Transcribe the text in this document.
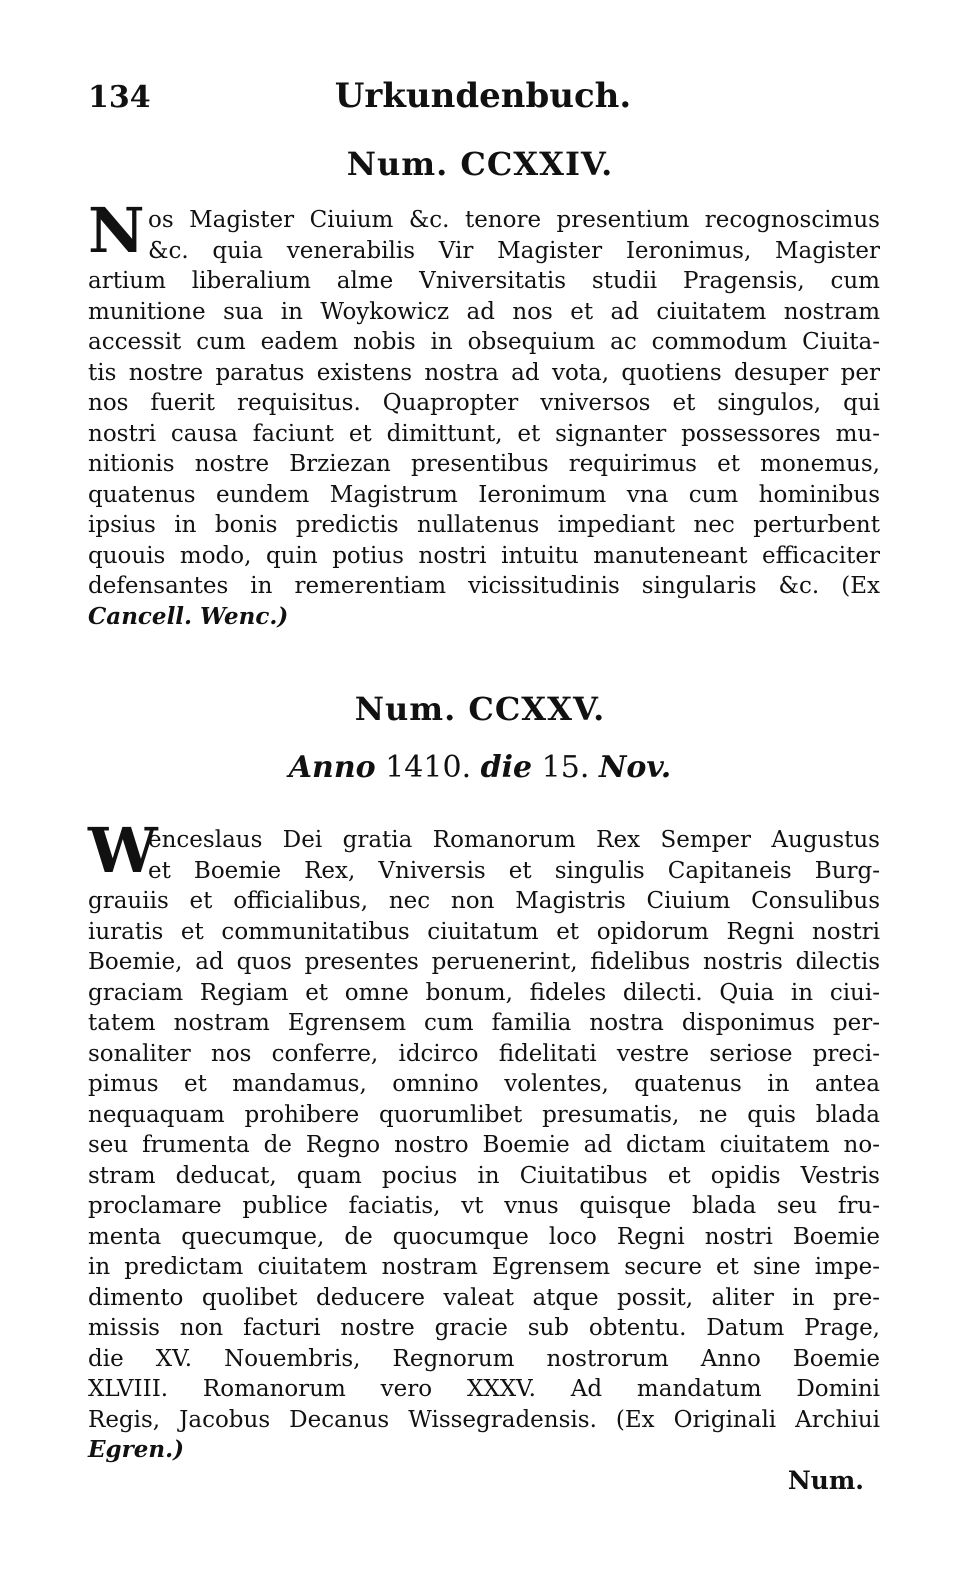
134	Urkundenbuch.
Num. CCXXIV.
N os Magister Ciuium &c. tenore presentium recognoscimus
&c. quia venerabilis Vir Magister Ieronimus, Magister
artium liberalium alme Vniversitatis studii Pragensis, cum
munitione sua in Woykowicz ad nos et ad ciuitatem nostram
accessit cum eadem nobis in obsequium ac commodum Ciuita-
tis nostre paratus existens nostra ad vota, quotiens desuper per
nos fuerit requisitus. Quapropter vniversos et singulos, qui
nostri causa faciunt et dimittunt, et signanter possessores mu-
nitionis nostre Brziezan presentibus requirimus et monemus,
quatenus eundem Magistrum Ieronimum vna cum hominibus
ipsius in bonis predictis nullatenus impediant nec perturbent
quouis modo, quin potius nostri intuitu manuteneant efficaciter
defensantes in remerentiam vicissitudinis singularis &c. (Ex
Cancell. Wenc.)
Num. CCXXV.
Anno 1410. die 15. Nov.
W
enceslaus Dei gratia Romanorum Rex Semper Augustus
et Boemie Rex, Vniversis et singulis Capitaneis Burg-
grauiis et officialibus, nec non Magistris Ciuium Consulibus
iuratis et communitatibus ciuitatum et opidorum Regni nostri
Boemie, ad quos presentes peruenerint, fidelibus nostris dilectis
graciam Regiam et omne bonum, fideles dilecti. Quia in ciui-
tatem nostram Egrensem cum familia nostra disponimus per-
sonaliter nos conferre, idcirco fidelitati vestre seriose preci-
pimus et mandamus, omnino volentes, quatenus in antea
nequaquam prohibere quorumlibet presumatis, ne quis blada
seu frumenta de Regno nostro Boemie ad dictam ciuitatem no-
stram deducat, quam pocius in Ciuitatibus et opidis Vestris
proclamare publice faciatis, vt vnus quisque blada seu fru-
menta quecumque, de quocumque loco Regni nostri Boemie
in predictam ciuitatem nostram Egrensem secure et sine impe-
dimento quolibet deducere valeat atque possit, aliter in pre-
missis non facturi nostre gracie sub obtentu. Datum Prage,
die XV. Nouembris, Regnorum nostrorum Anno Boemie
XLVIII. Romanorum vero XXXV. Ad mandatum Domini
Regis, Jacobus Decanus Wissegradensis. (Ex Originali Archiui
Egren.)
Num.
